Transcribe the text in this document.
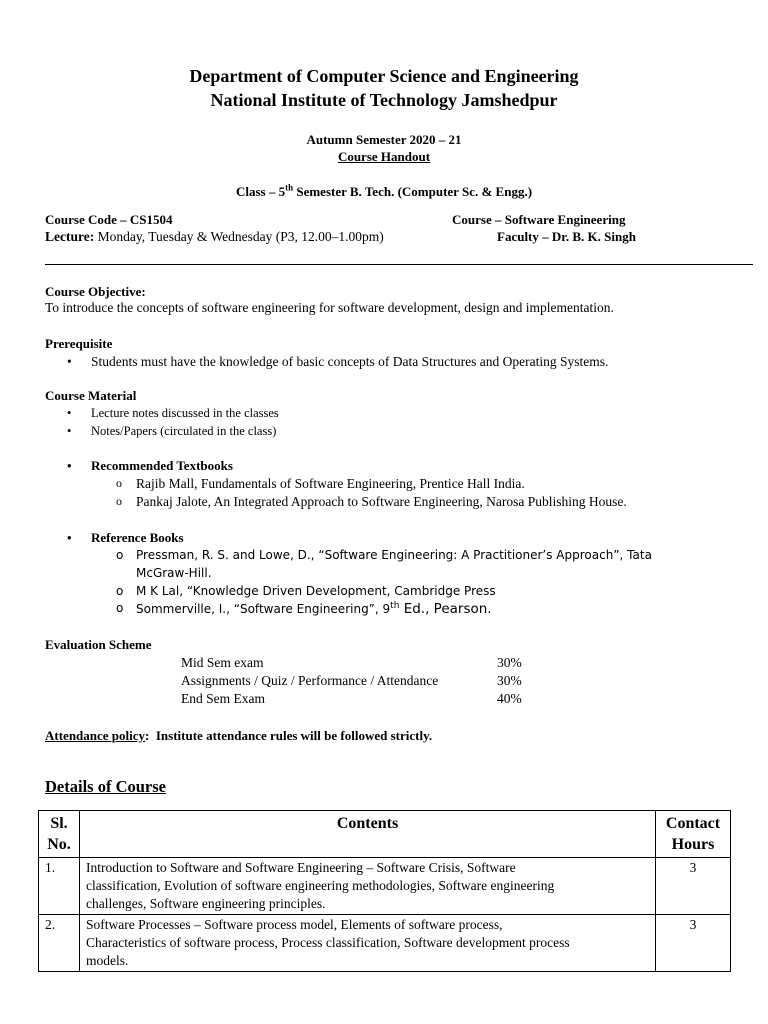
Department of Computer Science and Engineering
National Institute of Technology Jamshedpur
Autumn Semester 2020 – 21
Course Handout
Class – 5th Semester B. Tech. (Computer Sc. & Engg.)
Course Code – CS1504	Course – Software Engineering
Lecture: Monday, Tuesday & Wednesday (P3, 12.00–1.00pm)	Faculty – Dr. B. K. Singh
Course Objective:
To introduce the concepts of software engineering for software development, design and implementation.
Prerequisite
• Students must have the knowledge of basic concepts of Data Structures and Operating Systems.
Course Material
• Lecture notes discussed in the classes
• Notes/Papers (circulated in the class)
• Recommended Textbooks
o Rajib Mall, Fundamentals of Software Engineering, Prentice Hall India.
o Pankaj Jalote, An Integrated Approach to Software Engineering, Narosa Publishing House.
• Reference Books
o Pressman, R. S. and Lowe, D., “Software Engineering: A Practitioner’s Approach”, Tata
McGraw-Hill.
o M K Lal, “Knowledge Driven Development, Cambridge Press
o Sommerville, I., “Software Engineering”, 9th Ed., Pearson.
Evaluation Scheme
Mid Sem exam	30%
Assignments / Quiz / Performance / Attendance	30%
End Sem Exam	40%
Attendance policy:  Institute attendance rules will be followed strictly.
Details of Course
Sl.
No.	Contents	Contact
Hours
1.	Introduction to Software and Software Engineering – Software Crisis, Software
classification, Evolution of software engineering methodologies, Software engineering
challenges, Software engineering principles.	3
2.	Software Processes – Software process model, Elements of software process,
Characteristics of software process, Process classification, Software development process
models.	3
